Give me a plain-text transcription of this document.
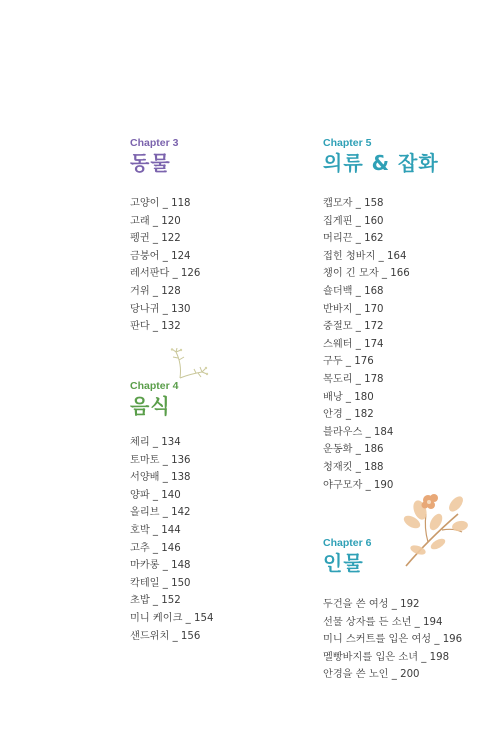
Chapter 3

동물
고양이 _ 118
고래 _ 120
펭귄 _ 122
금붕어 _ 124
레서판다 _ 126
거위 _ 128
당나귀 _ 130
판다 _ 132

Chapter 4

음식
체리 _ 134
토마토 _ 136
서양배 _ 138
양파 _ 140
올리브 _ 142
호박 _ 144
고추 _ 146
마카롱 _ 148
칵테일 _ 150
초밥 _ 152
미니 케이크 _ 154
샌드위치 _ 156

Chapter 5

의류 & 잡화
캡모자 _ 158
집게핀 _ 160
머리끈 _ 162
접힌 청바지 _ 164
챙이 긴 모자 _ 166
숄더백 _ 168
반바지 _ 170
중절모 _ 172
스웨터 _ 174
구두 _ 176
목도리 _ 178
배낭 _ 180
안경 _ 182
블라우스 _ 184
운동화 _ 186
청재킷 _ 188
야구모자 _ 190

Chapter 6

인물
두건을 쓴 여성 _ 192
선물 상자를 든 소년 _ 194
미니 스커트를 입은 여성 _ 196
멜빵바지를 입은 소녀 _ 198
안경을 쓴 노인 _ 200
